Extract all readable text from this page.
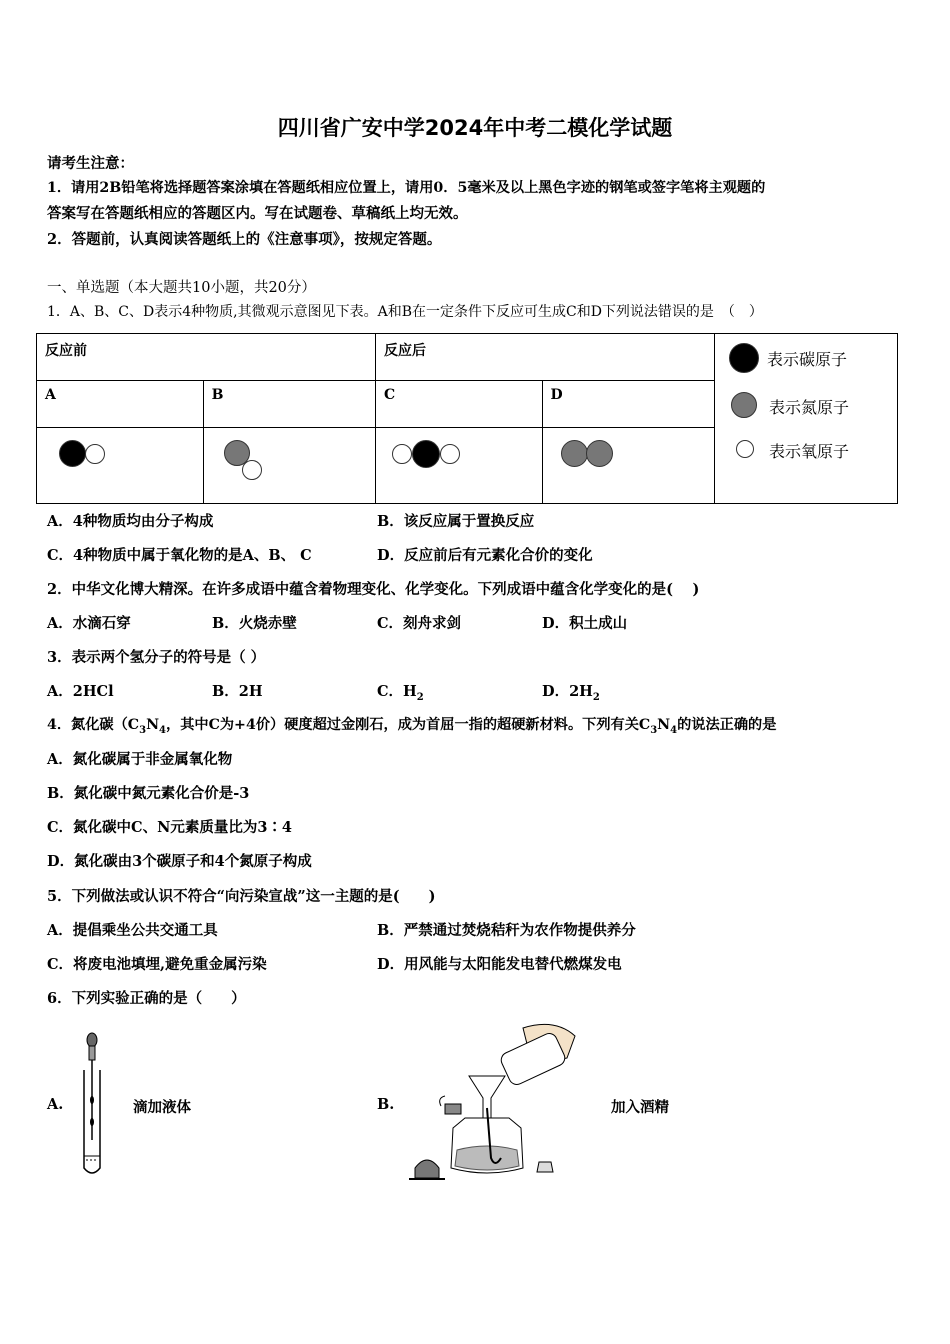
四川省广安中学2024年中考二模化学试题
请考生注意：
1．请用2B铅笔将选择题答案涂填在答题纸相应位置上，请用0．5毫米及以上黑色字迹的钢笔或签字笔将主观题的
答案写在答题纸相应的答题区内。写在试题卷、草稿纸上均无效。
2．答题前，认真阅读答题纸上的《注意事项》，按规定答题。
一、单选题（本大题共10小题，共20分）
1．A、B、C、D表示4种物质,其微观示意图见下表。A和B在一定条件下反应可生成C和D下列说法错误的是　（　）
反应前		反应后		表示碳原子
表示氮原子
表示氧原子

A	B	C	D	

A．4种物质均由分子构成	B．该反应属于置换反应
C．4种物质中属于氧化物的是A、B、 C	D．反应前后有元素化合价的变化
2．中华文化博大精深。在许多成语中蕴含着物理变化、化学变化。下列成语中蕴含化学变化的是(　 )
A．水滴石穿	B．火烧赤壁	C．刻舟求剑	D．积土成山
3．表示两个氢分子的符号是（ ）
A．2HCl	B．2H	C．$H_2$	D．$2H_2$
4．氮化碳（$C_3N_4$，其中C为+4价）硬度超过金刚石，成为首屈一指的超硬新材料。下列有关$C_3N_4$的说法正确的是
A．氮化碳属于非金属氧化物
B．氮化碳中氮元素化合价是-3
C．氮化碳中C、N元素质量比为3∶4
D．氮化碳由3个碳原子和4个氮原子构成
5．下列做法或认识不符合“向污染宣战”这一主题的是(　　)
A．提倡乘坐公共交通工具	B．严禁通过焚烧秸秆为农作物提供养分
C．将废电池填埋,避免重金属污染	D．用风能与太阳能发电替代燃煤发电
6．下列实验正确的是（　　）
A.	滴加液体	B.	加入酒精
